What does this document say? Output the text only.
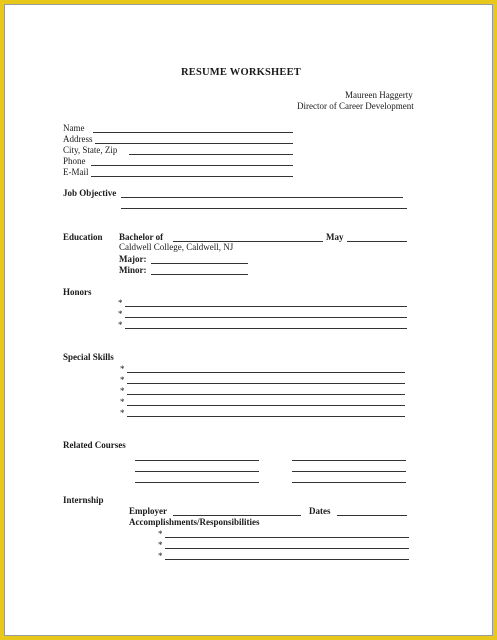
RESUME WORKSHEET
Maureen Haggerty
Director of Career Development
Name
Address
City, State, Zip
Phone
E-Mail
Job Objective
Education Bachelor of	May
Caldwell College, Caldwell, NJ
Major:
Minor:
Honors
*
*
*
Special Skills
*
*
*
*
*
Related Courses
Internship
Employer	Dates
Accomplishments/Responsibilities
*
*
*
